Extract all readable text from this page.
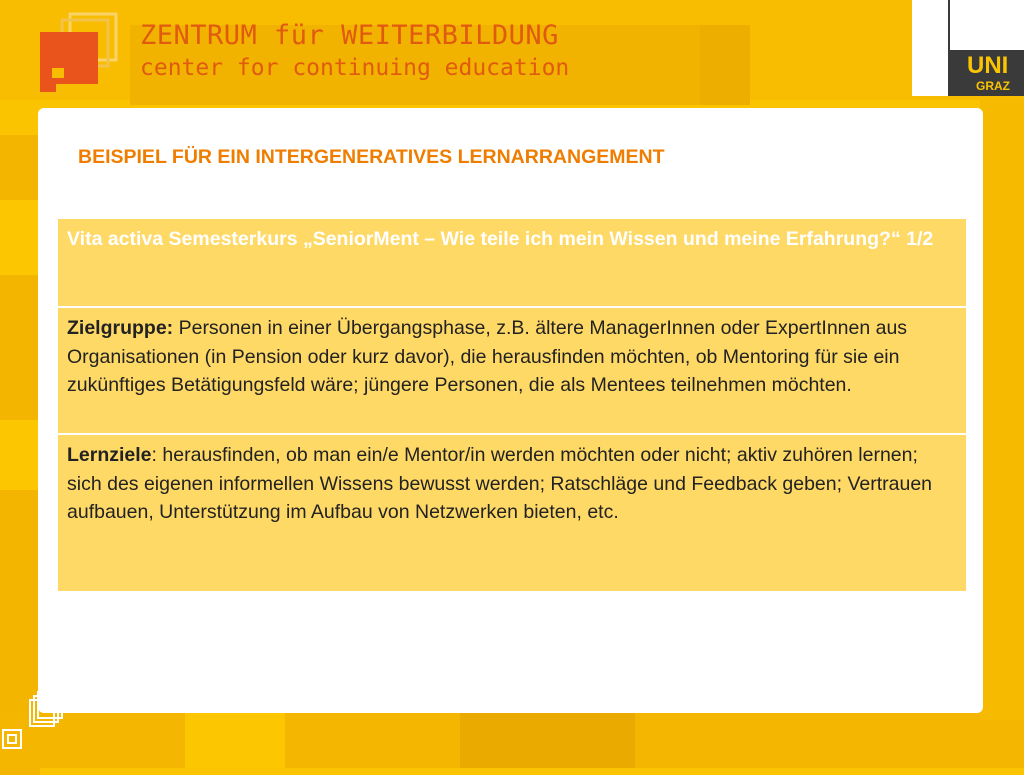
ZENTRUM für WEITERBILDUNG
center for continuing education	UNI
GRAZ
BEISPIEL FÜR EIN INTERGENERATIVES LERNARRANGEMENT
Vita activa Semesterkurs „SeniorMent – Wie teile ich mein Wissen und meine Erfahrung?“ 1/2
Zielgruppe: Personen in einer Übergangsphase, z.B. ältere ManagerInnen oder ExpertInnen aus Organisationen (in Pension oder kurz davor), die herausfinden möchten, ob Mentoring für sie ein zukünftiges Betätigungsfeld wäre; jüngere Personen, die als Mentees teilnehmen möchten.
Lernziele: herausfinden, ob man ein/e Mentor/in werden möchten oder nicht; aktiv zuhören lernen; sich des eigenen informellen Wissens bewusst werden; Ratschläge und Feedback geben; Vertrauen aufbauen, Unterstützung im Aufbau von Netzwerken bieten, etc.
